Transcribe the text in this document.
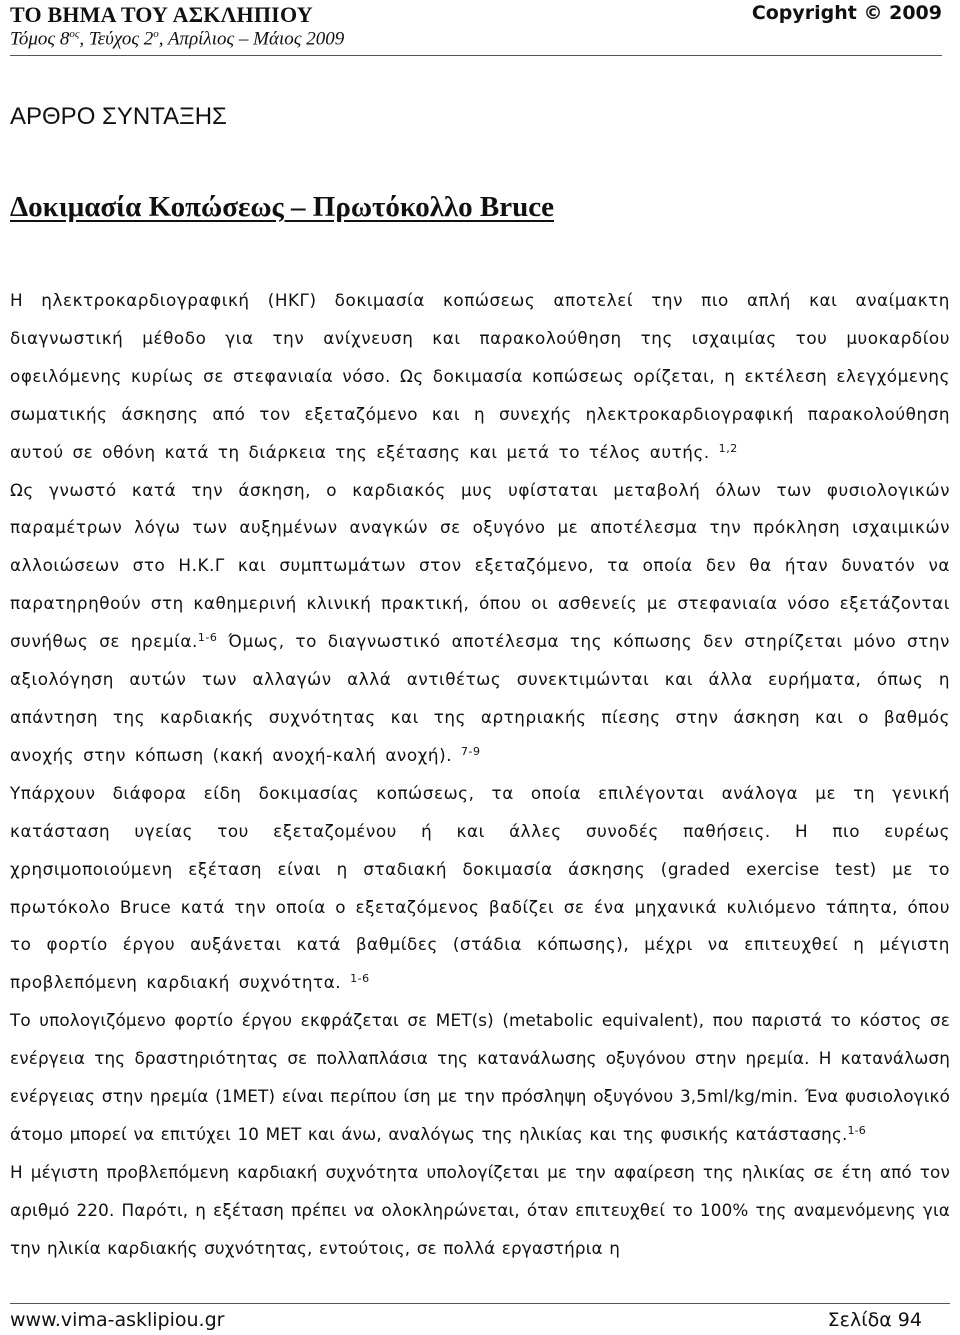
ΤΟ ΒΗΜΑ ΤΟΥ ΑΣΚΛΗΠΙΟΥ
Τόμος $8^{o\varsigma}$, Τεύχος $2^o$, Απρίλιος – Μάιος 2009
Copyright © 2009
ΑΡΘΡΟ ΣΥΝΤΑΞΗΣ
Δοκιμασία Κοπώσεως – Πρωτόκολλο Bruce

Η ηλεκτροκαρδιογραφική (ΗΚΓ) δοκιμασία κοπώσεως αποτελεί την πιο απλή και αναίμακτη διαγνωστική μέθοδο για την ανίχνευση και παρακολούθηση της ισχαιμίας του μυοκαρδίου οφειλόμενης κυρίως σε στεφανιαία νόσο. Ως δοκιμασία κοπώσεως ορίζεται, η εκτέλεση ελεγχόμενης σωματικής άσκησης από τον εξεταζόμενο και η συνεχής ηλεκτροκαρδιογραφική παρακολούθηση αυτού σε οθόνη κατά τη διάρκεια της εξέτασης και μετά το τέλος αυτής. $^{1,2}$

Ως γνωστό κατά την άσκηση, ο καρδιακός μυς υφίσταται μεταβολή όλων των φυσιολογικών παραμέτρων λόγω των αυξημένων αναγκών σε οξυγόνο με αποτέλεσμα την πρόκληση ισχαιμικών αλλοιώσεων στο Η.Κ.Γ και συμπτωμάτων στον εξεταζόμενο, τα οποία δεν θα ήταν δυνατόν να παρατηρηθούν στη καθημερινή κλινική πρακτική, όπου οι ασθενείς με στεφανιαία νόσο εξετάζονται συνήθως σε ηρεμία.$^{1-6}$ Όμως, το διαγνωστικό αποτέλεσμα της κόπωσης δεν στηρίζεται μόνο στην αξιολόγηση αυτών των αλλαγών αλλά αντιθέτως συνεκτιμώνται και άλλα ευρήματα, όπως η απάντηση της καρδιακής συχνότητας και της αρτηριακής πίεσης στην άσκηση και ο βαθμός ανοχής στην κόπωση (κακή ανοχή-καλή ανοχή). $^{7-9}$

Υπάρχουν διάφορα είδη δοκιμασίας κοπώσεως, τα οποία επιλέγονται ανάλογα με τη γενική κατάσταση υγείας του εξεταζομένου ή και άλλες συνοδές παθήσεις. Η πιο ευρέως χρησιμοποιούμενη εξέταση είναι η σταδιακή δοκιμασία άσκησης (graded exercise test) με το πρωτόκολο Bruce κατά την οποία ο εξεταζόμενος βαδίζει σε ένα μηχανικά κυλιόμενο τάπητα, όπου το φορτίο έργου αυξάνεται κατά βαθμίδες (στάδια κόπωσης), μέχρι να επιτευχθεί η μέγιστη προβλεπόμενη καρδιακή συχνότητα. $^{1-6}$

Το υπολογιζόμενο φορτίο έργου εκφράζεται σε ΜΕΤ(s) (metabolic equivalent), που παριστά το κόστος σε ενέργεια της δραστηριότητας σε πολλαπλάσια της κατανάλωσης οξυγόνου στην ηρεμία. Η κατανάλωση ενέργειας στην ηρεμία (1ΜΕΤ) είναι περίπου ίση με την πρόσληψη οξυγόνου 3,5ml/kg/min. Ένα φυσιολογικό άτομο μπορεί να επιτύχει 10 ΜΕΤ και άνω, αναλόγως της ηλικίας και της φυσικής κατάστασης.$^{1-6}$

Η μέγιστη προβλεπόμενη καρδιακή συχνότητα υπολογίζεται με την αφαίρεση της ηλικίας σε έτη από τον αριθμό 220. Παρότι, η εξέταση πρέπει να ολοκληρώνεται, όταν επιτευχθεί το 100% της αναμενόμενης για την ηλικία καρδιακής συχνότητας, εντούτοις, σε πολλά εργαστήρια η

www.vima-asklipiou.gr	Σελίδα 94
